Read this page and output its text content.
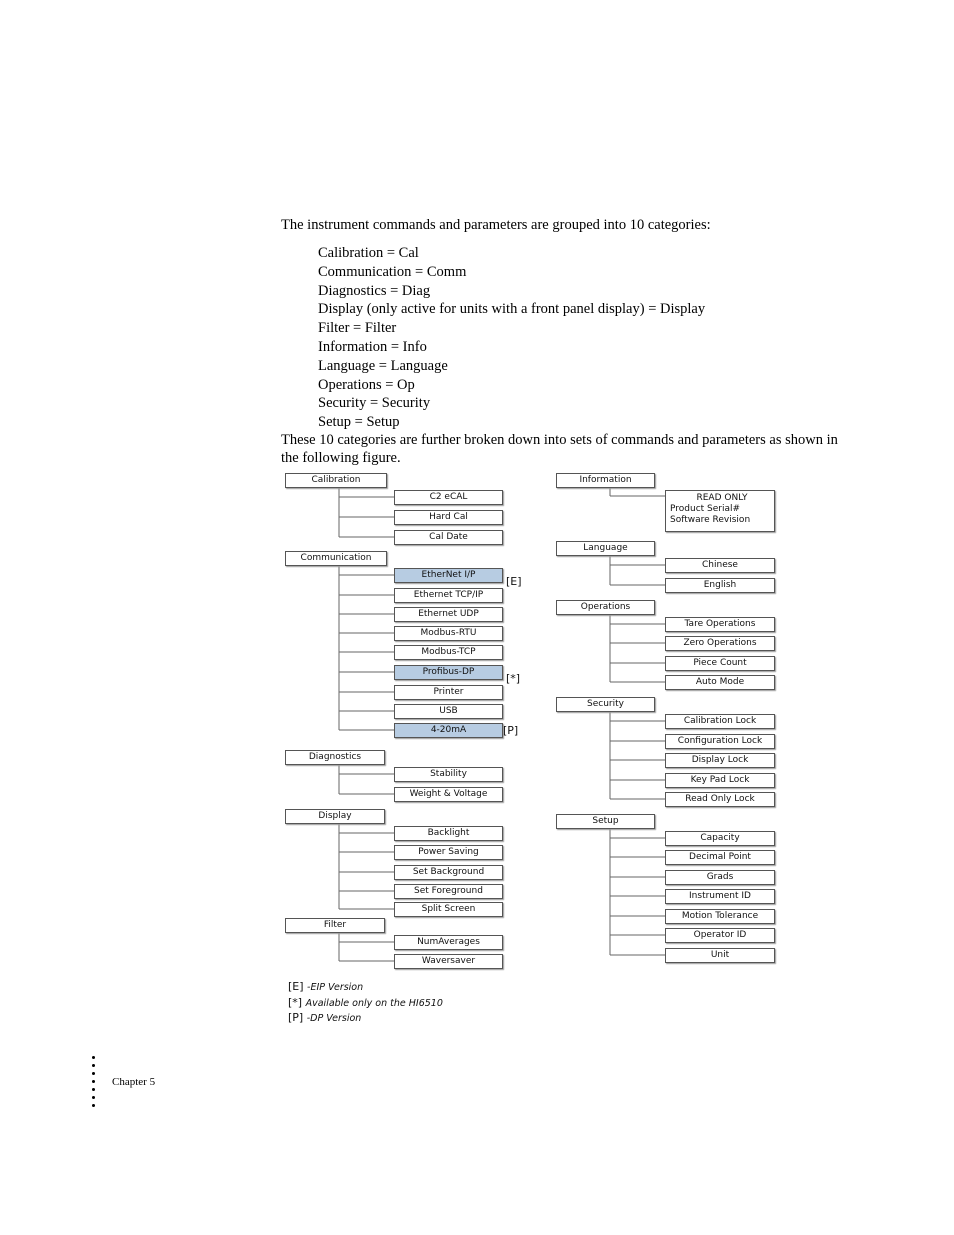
The instrument commands and parameters are grouped into 10 categories:
Calibration = Cal
Communication = Comm
Diagnostics = Diag
Display (only active for units with a front panel display) = Display
Filter = Filter
Information = Info
Language = Language
Operations = Op
Security = Security
Setup = Setup
These 10 categories are further broken down into sets of commands and parameters as shown in the following figure.
Calibration
C2 eCAL
Hard Cal
Cal Date
Communication
EtherNet I/P	[E]
Ethernet TCP/IP
Ethernet UDP
Modbus-RTU
Modbus-TCP
Profibus-DP	[*]
Printer
USB
4-20mA	[P]
Diagnostics
Stability
Weight & Voltage
Display
Backlight
Power Saving
Set Background
Set Foreground
Split Screen
Filter
NumAverages
Waversaver
Information
READ ONLY
Product Serial#
Software Revision
Language
Chinese
English
Operations
Tare Operations
Zero Operations
Piece Count
Auto Mode
Security
Calibration Lock
Configuration Lock
Display Lock
Key Pad Lock
Read Only Lock
Setup
Capacity
Decimal Point
Grads
Instrument ID
Motion Tolerance
Operator ID
Unit
[E] -EIP Version
[*] Available only on the HI6510
[P] -DP Version
Chapter 5
